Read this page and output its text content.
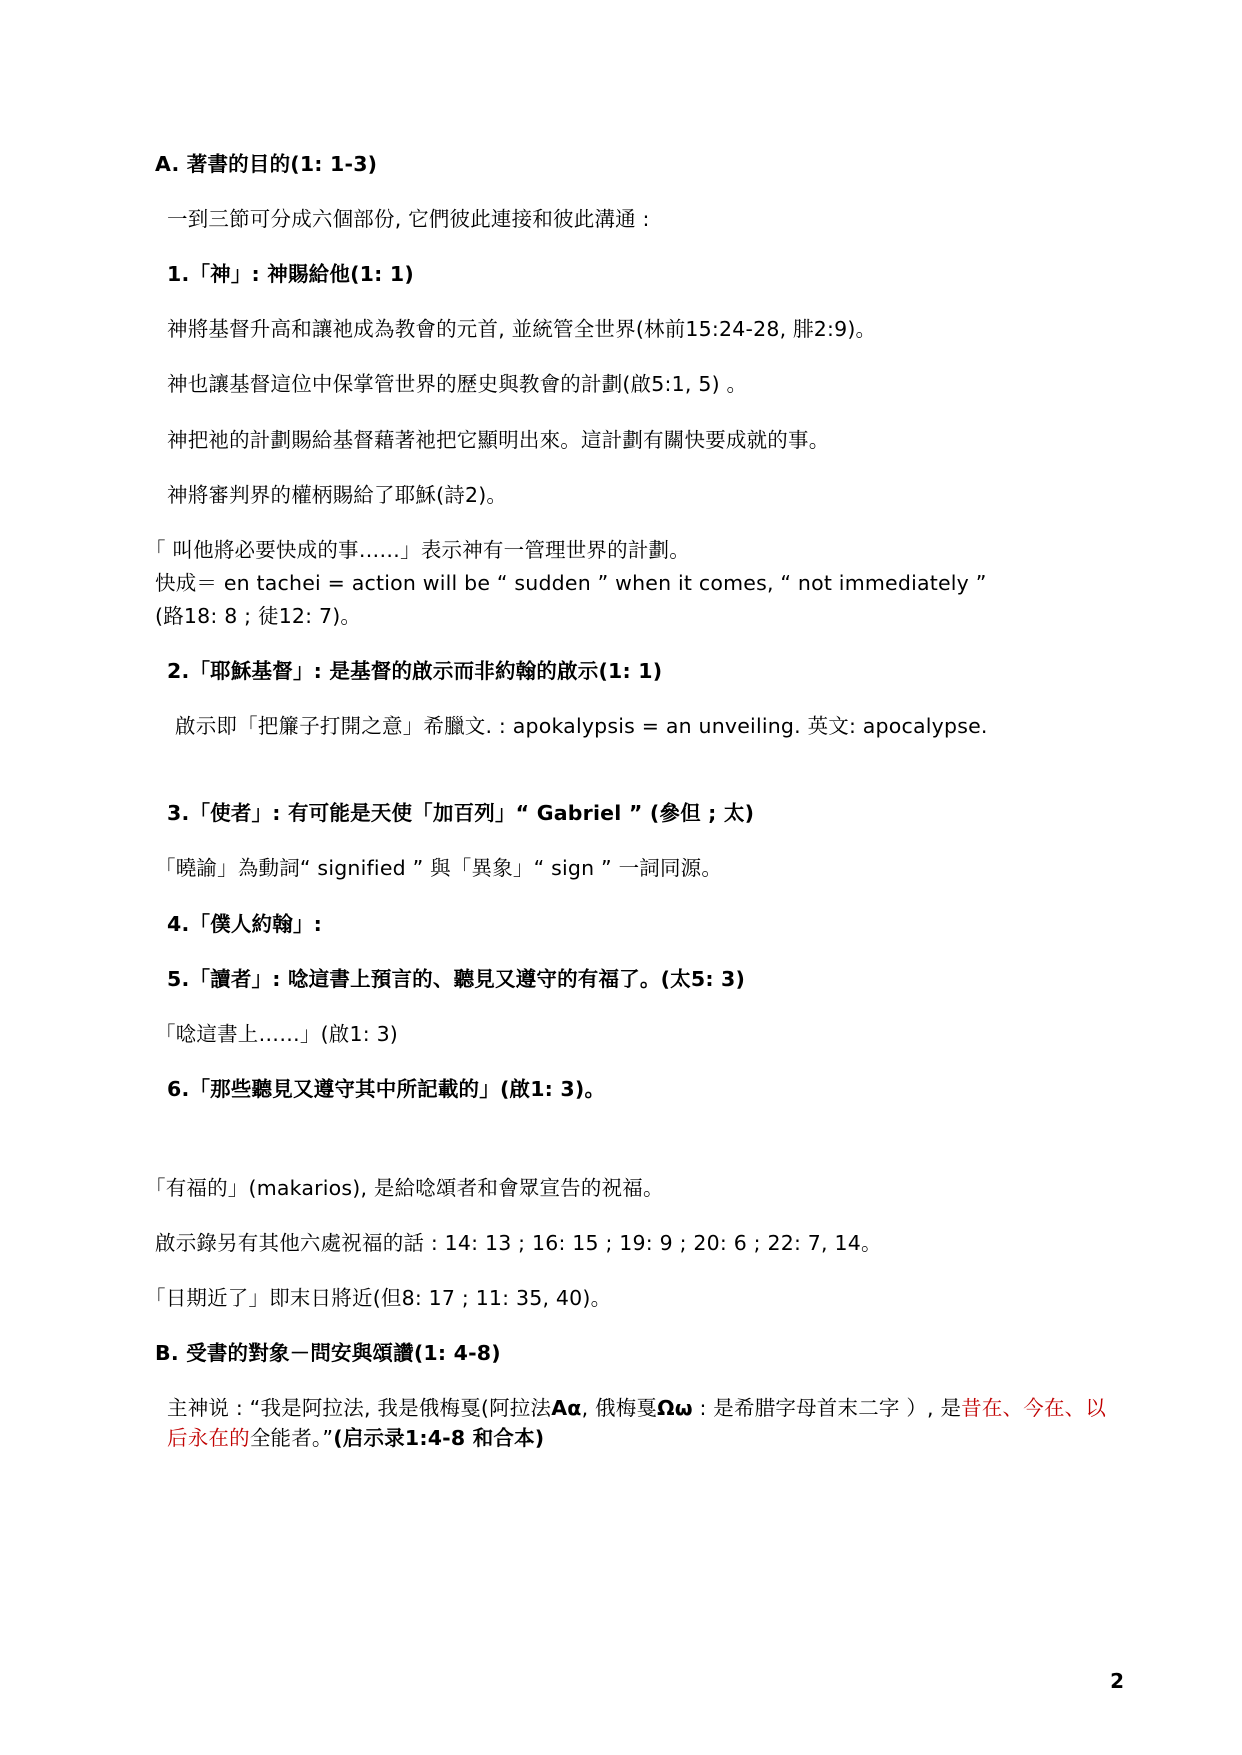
A. 著書的目的(1: 1-3)

一到三節可分成六個部份, 它們彼此連接和彼此溝通 :

1.「神」: 神賜給他(1: 1)

神將基督升高和讓祂成為教會的元首, 並統管全世界(林前15:24-28, 腓2:9)。

神也讓基督這位中保掌管世界的歷史與教會的計劃(啟5:1, 5) 。

神把祂的計劃賜給基督藉著祂把它顯明出來。這計劃有關快要成就的事。

神將審判界的權柄賜給了耶穌(詩2)。

「 叫他將必要快成的事……」表示神有一管理世界的計劃。

快成＝ en tachei = action will be “ sudden ” when it comes, “ not immediately ”

(路18: 8 ; 徒12: 7)。

2.「耶穌基督」: 是基督的啟示而非約翰的啟示(1: 1)

啟示即「把簾子打開之意」希臘文. : apokalypsis = an unveiling. 英文: apocalypse.

3.「使者」: 有可能是天使「加百列」“ Gabriel ” (參但 ; 太)

「曉諭」為動詞“ signified ” 與「異象」“ sign ” 一詞同源。

4.「僕人約翰」:

5.「讀者」: 唸這書上預言的、聽見又遵守的有福了。(太5: 3)

「唸這書上……」(啟1: 3)

6.「那些聽見又遵守其中所記載的」(啟1: 3)。

「有福的」(makarios), 是給唸頌者和會眾宣告的祝福。

啟示錄另有其他六處祝福的話 : 14: 13 ; 16: 15 ; 19: 9 ; 20: 6 ; 22: 7, 14。

「日期近了」即末日將近(但8: 17 ; 11: 35, 40)。

B. 受書的對象－問安與頌讚(1: 4-8)

主神说 : “我是阿拉法, 我是俄梅戛(阿拉法Aα, 俄梅戛Ωω : 是希腊字母首末二字 ）, 是昔在、今在、以后永在的全能者。”(启示录1:4-8 和合本)

2
